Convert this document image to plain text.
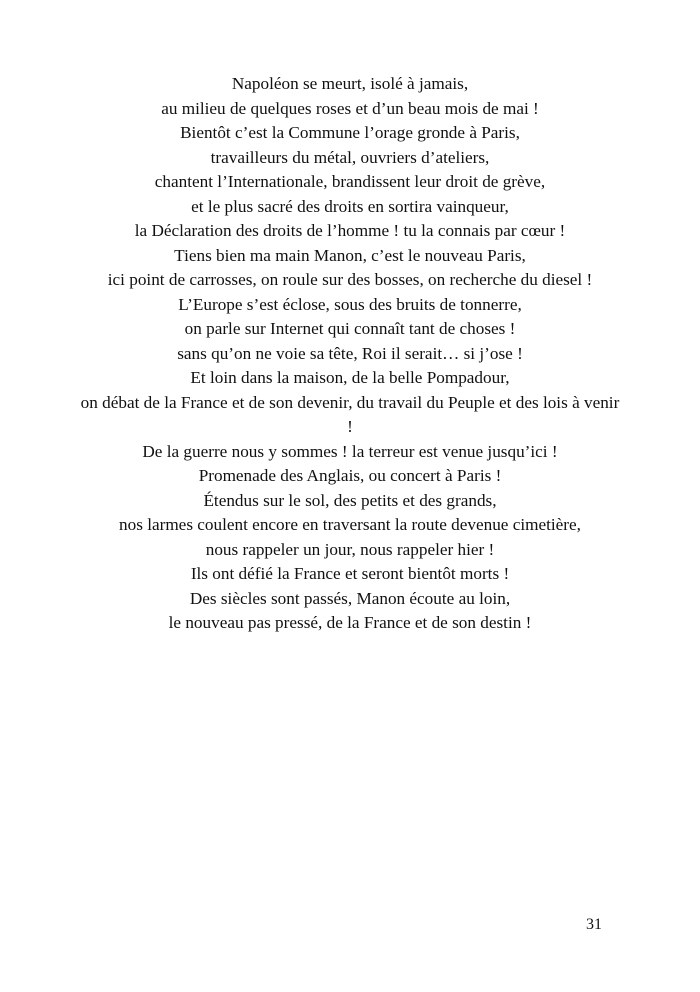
Napoléon se meurt, isolé à jamais,
au milieu de quelques roses et d’un beau mois de mai !
Bientôt c’est la Commune l’orage gronde à Paris,
travailleurs du métal, ouvriers d’ateliers,
chantent l’Internationale, brandissent leur droit de grève,
et le plus sacré des droits en sortira vainqueur,
la Déclaration des droits de l’homme ! tu la connais par cœur !
Tiens bien ma main Manon, c’est le nouveau Paris,
ici point de carrosses, on roule sur des bosses, on recherche du diesel !
L’Europe s’est éclose, sous des bruits de tonnerre,
on parle sur Internet qui connaît tant de choses !
sans qu’on ne voie sa tête, Roi il serait… si j’ose !
Et loin dans la maison, de la belle Pompadour,
on débat de la France et de son devenir, du travail du Peuple et des lois à venir !
De la guerre nous y sommes ! la terreur est venue jusqu’ici !
Promenade des Anglais, ou concert à Paris !
Étendus sur le sol, des petits et des grands,
nos larmes coulent encore en traversant la route devenue cimetière,
nous rappeler un jour, nous rappeler hier !
Ils ont défié la France et seront bientôt morts !
Des siècles sont passés, Manon écoute au loin,
le nouveau pas pressé, de la France et de son destin !
31
